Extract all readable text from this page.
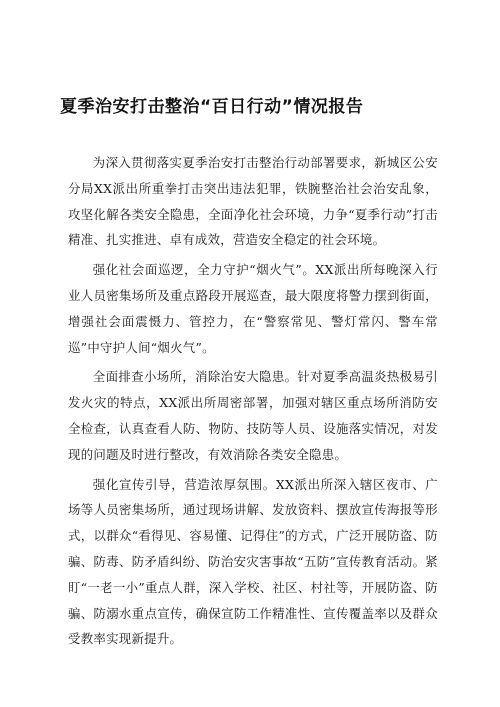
夏季治安打击整治“百日行动”情况报告

为深入贯彻落实夏季治安打击整治行动部署要求，新城区公安分局XX派出所重拳打击突出违法犯罪，铁腕整治社会治安乱象，攻坚化解各类安全隐患，全面净化社会环境，力争“夏季行动”打击精准、扎实推进、卓有成效，营造安全稳定的社会环境。

强化社会面巡逻，全力守护“烟火气”。XX派出所每晚深入行业人员密集场所及重点路段开展巡查，最大限度将警力摆到街面，增强社会面震慑力、管控力，在“警察常见、警灯常闪、警车常巡”中守护人间“烟火气”。

全面排查小场所，消除治安大隐患。针对夏季高温炎热极易引发火灾的特点，XX派出所周密部署，加强对辖区重点场所消防安全检查，认真查看人防、物防、技防等人员、设施落实情况，对发现的问题及时进行整改，有效消除各类安全隐患。

强化宣传引导，营造浓厚氛围。XX派出所深入辖区夜市、广场等人员密集场所，通过现场讲解、发放资料、摆放宣传海报等形式，以群众“看得见、容易懂、记得住”的方式，广泛开展防盗、防骗、防毒、防矛盾纠纷、防治安灾害事故“五防”宣传教育活动。紧盯“一老一小”重点人群，深入学校、社区、村社等，开展防盗、防骗、防溺水重点宣传，确保宣防工作精准性、宣传覆盖率以及群众受教率实现新提升。
